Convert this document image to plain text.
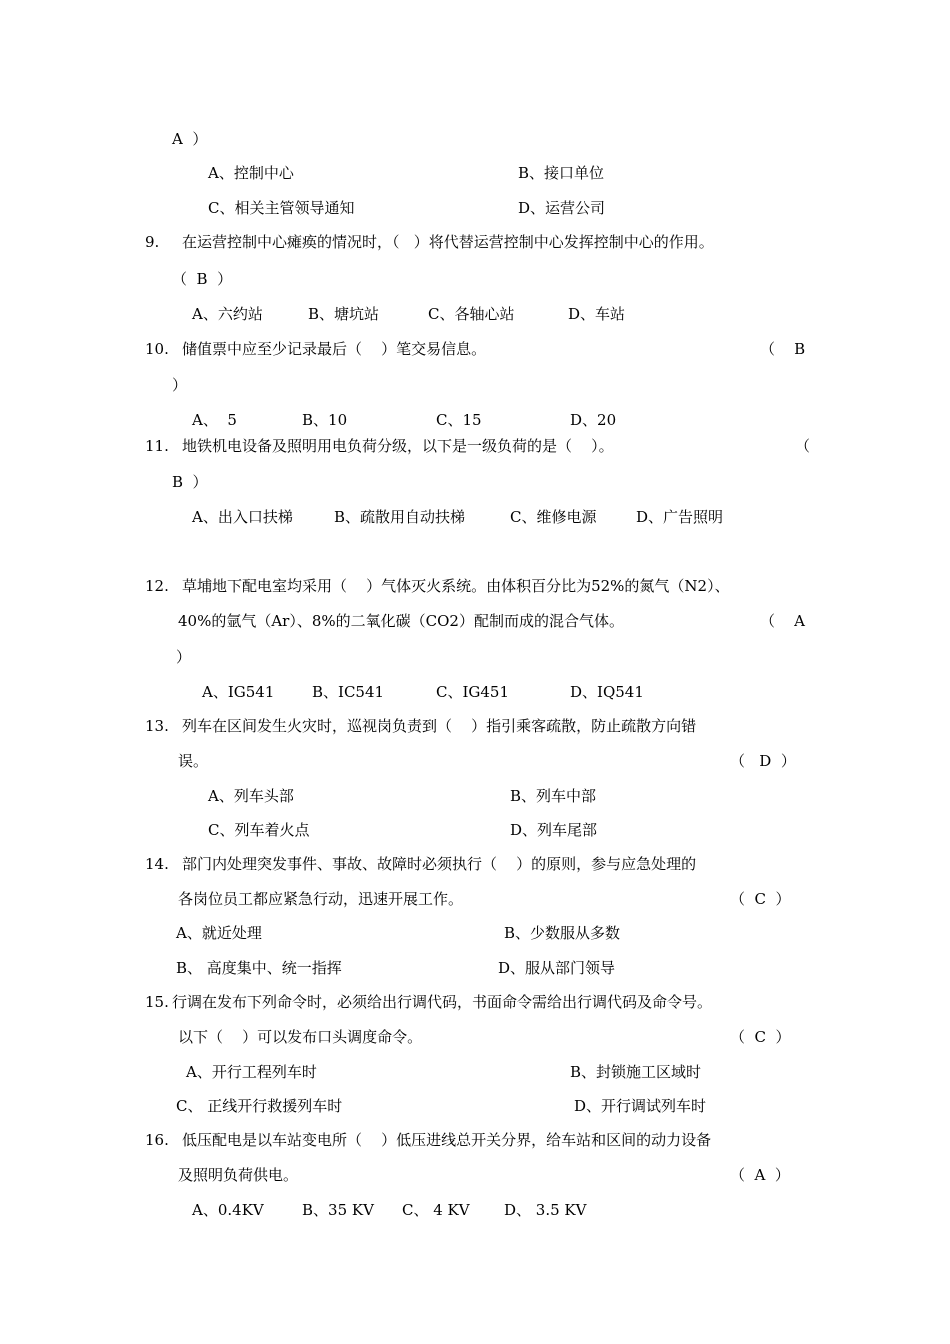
A  ）
A、控制中心	B、接口单位
C、相关主管领导通知	D、运营公司
9. 在运营控制中心瘫痪的情况时，（   ）将代替运营控制中心发挥控制中心的作用。
（  B  ）
A、六约站	B、塘坑站	C、各轴心站	D、车站
10. 储值票中应至少记录最后（    ）笔交易信息。	（    B
）
A、  5	B、10	C、15	D、20
11. 地铁机电设备及照明用电负荷分级，以下是一级负荷的是（    ）。	（
B  ）
A、出入口扶梯	B、疏散用自动扶梯	C、维修电源	D、广告照明
12. 草埔地下配电室均采用（    ）气体灭火系统。由体积百分比为52%的氮气（N2）、
40%的氩气（Ar）、8%的二氧化碳（CO2）配制而成的混合气体。	（    A
）
A、IG541	B、IC541	C、IG451	D、IQ541
13. 列车在区间发生火灾时，巡视岗负责到（    ）指引乘客疏散，防止疏散方向错
误。	（   D  ）
A、列车头部	B、列车中部
C、列车着火点	D、列车尾部
14. 部门内处理突发事件、事故、故障时必须执行（    ）的原则，参与应急处理的
各岗位员工都应紧急行动，迅速开展工作。	（  C  ）
A、就近处理	B、少数服从多数
B、 高度集中、统一指挥	D、服从部门领导
15. 行调在发布下列命令时，必须给出行调代码，书面命令需给出行调代码及命令号。
以下（    ）可以发布口头调度命令。	（  C  ）
A、开行工程列车时	B、封锁施工区域时
C、 正线开行救援列车时	D、开行调试列车时
16. 低压配电是以车站变电所（    ）低压进线总开关分界，给车站和区间的动力设备
及照明负荷供电。	（  A  ）
A、0.4KV	B、35 KV C、 4 KV D、 3.5 KV
